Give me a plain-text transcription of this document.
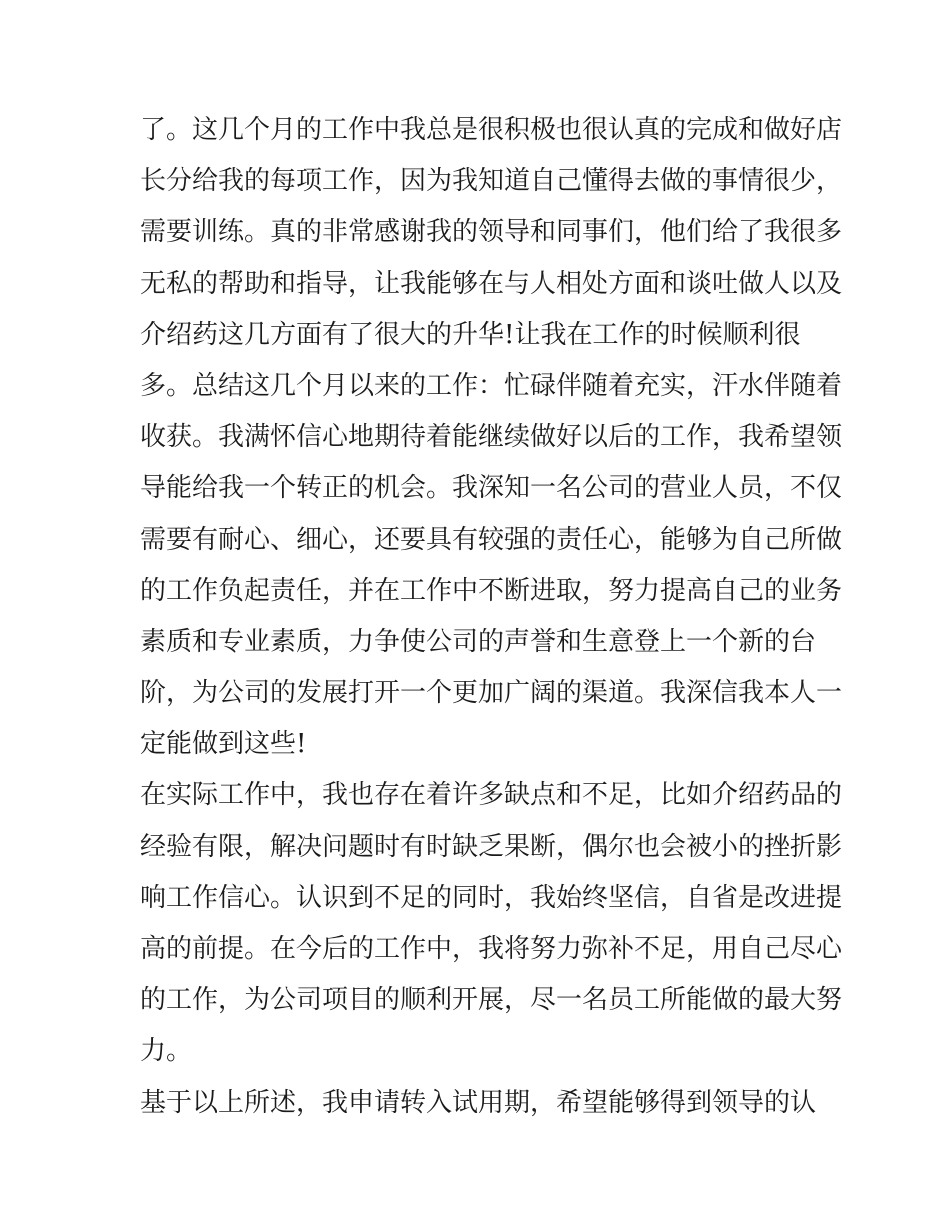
了。这几个月的工作中我总是很积极也很认真的完成和做好店
长分给我的每项工作，因为我知道自己懂得去做的事情很少，
需要训练。真的非常感谢我的领导和同事们，他们给了我很多
无私的帮助和指导，让我能够在与人相处方面和谈吐做人以及
介绍药这几方面有了很大的升华!让我在工作的时候顺利很
多。总结这几个月以来的工作：忙碌伴随着充实，汗水伴随着
收获。我满怀信心地期待着能继续做好以后的工作，我希望领
导能给我一个转正的机会。我深知一名公司的营业人员，不仅
需要有耐心、细心，还要具有较强的责任心，能够为自己所做
的工作负起责任，并在工作中不断进取，努力提高自己的业务
素质和专业素质，力争使公司的声誉和生意登上一个新的台
阶，为公司的发展打开一个更加广阔的渠道。我深信我本人一
定能做到这些!
在实际工作中，我也存在着许多缺点和不足，比如介绍药品的
经验有限，解决问题时有时缺乏果断，偶尔也会被小的挫折影
响工作信心。认识到不足的同时，我始终坚信，自省是改进提
高的前提。在今后的工作中，我将努力弥补不足，用自己尽心
的工作，为公司项目的顺利开展，尽一名员工所能做的最大努
力。
基于以上所述，我申请转入试用期，希望能够得到领导的认
